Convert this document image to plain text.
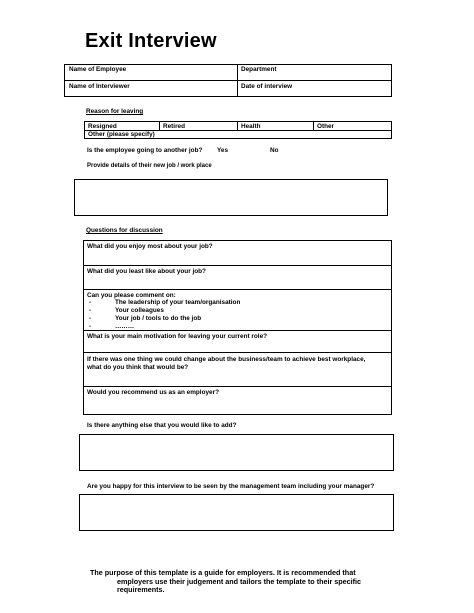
Exit Interview
Name of Employee	Department
Name of Interviewer	Date of interview
Reason for leaving
Resigned	Retired	Health	Other
Other (please specify)
Is the employee going to another job? Yes	No
Provide details of their new job / work place
Questions for discussion
What did you enjoy most about your job?
What did you least like about your job?
Can you please comment on:
-	The leadership of your team/organisation
-	Your colleagues
-	Your job / tools to do the job
-	………
What is your main motivation for leaving your current role?
If there was one thing we could change about the business/team to achieve best workplace,
what do you think that would be?
Would you recommend us as an employer?
Is there anything else that you would like to add?
Are you happy for this interview to be seen by the management team including your manager?
The purpose of this template is a guide for employers. It is recommended that
employers use their judgement and tailors the template to their specific
requirements.
